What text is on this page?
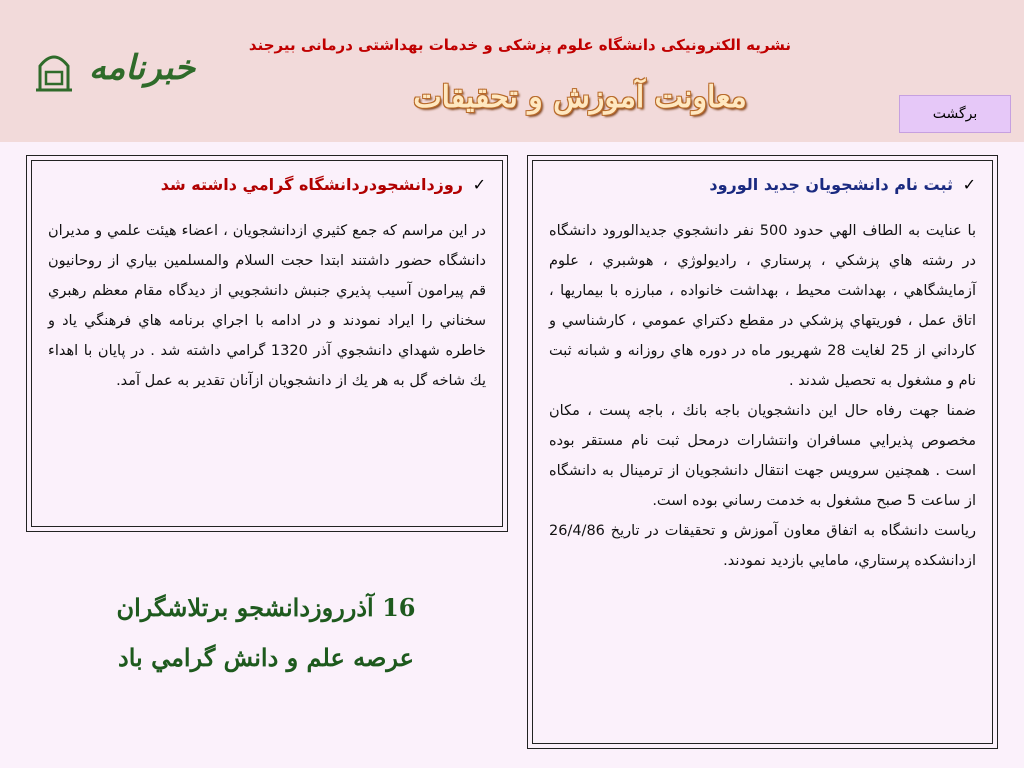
خبرنامه
نشريه الكترونيكی دانشگاه علوم پزشكی و خدمات بهداشتی درمانی بيرجند
معاونت آموزش و تحقيقات	برگشت
✓ روزدانشجودردانشگاه گرامي داشته شد
در اين مراسم كه جمع كثيري ازدانشجويان ، اعضاء هيئت علمي و مديران دانشگاه حضور داشتند ابتدا حجت السلام والمسلمين بياري از روحانيون قم پيرامون آسيب پذيري جنبش دانشجويي از ديدگاه مقام معظم رهبري سخناني را ايراد نمودند و در ادامه با اجراي برنامه هاي فرهنگي ياد و خاطره شهداي دانشجوي آذر 1320 گرامي داشته شد . در پايان با اهداء يك شاخه گل به هر يك از دانشجويان ازآنان تقدير به عمل آمد.
✓ ثبت نام دانشجويان جديد الورود

با عنايت به الطاف الهي حدود 500 نفر دانشجوي جديدالورود دانشگاه در رشته هاي پزشكي ، پرستاري ، راديولوژي ، هوشبري ، علوم آزمايشگاهي ، بهداشت محيط ، بهداشت خانواده ، مبارزه با بيماريها ، اتاق عمل ، فوريتهاي پزشكي در مقطع دكتراي عمومي ، كارشناسي و كارداني از 25 لغايت 28 شهريور ماه در دوره هاي روزانه و شبانه ثبت نام و مشغول به تحصيل شدند .

ضمنا جهت رفاه حال اين دانشجويان باجه بانك ، باجه پست ، مكان مخصوص پذيرايي مسافران وانتشارات درمحل ثبت نام مستقر بوده است . همچنين سرويس جهت انتقال دانشجويان از ترمينال به دانشگاه از ساعت 5 صبح مشغول به خدمت رساني بوده است.

رياست دانشگاه به اتفاق معاون آموزش و تحقيقات در تاريخ 26/4/86 ازدانشكده پرستاري، مامايي بازديد نمودند.

16 آذرروزدانشجو برتلاشگران
عرصه علم و دانش گرامي باد
